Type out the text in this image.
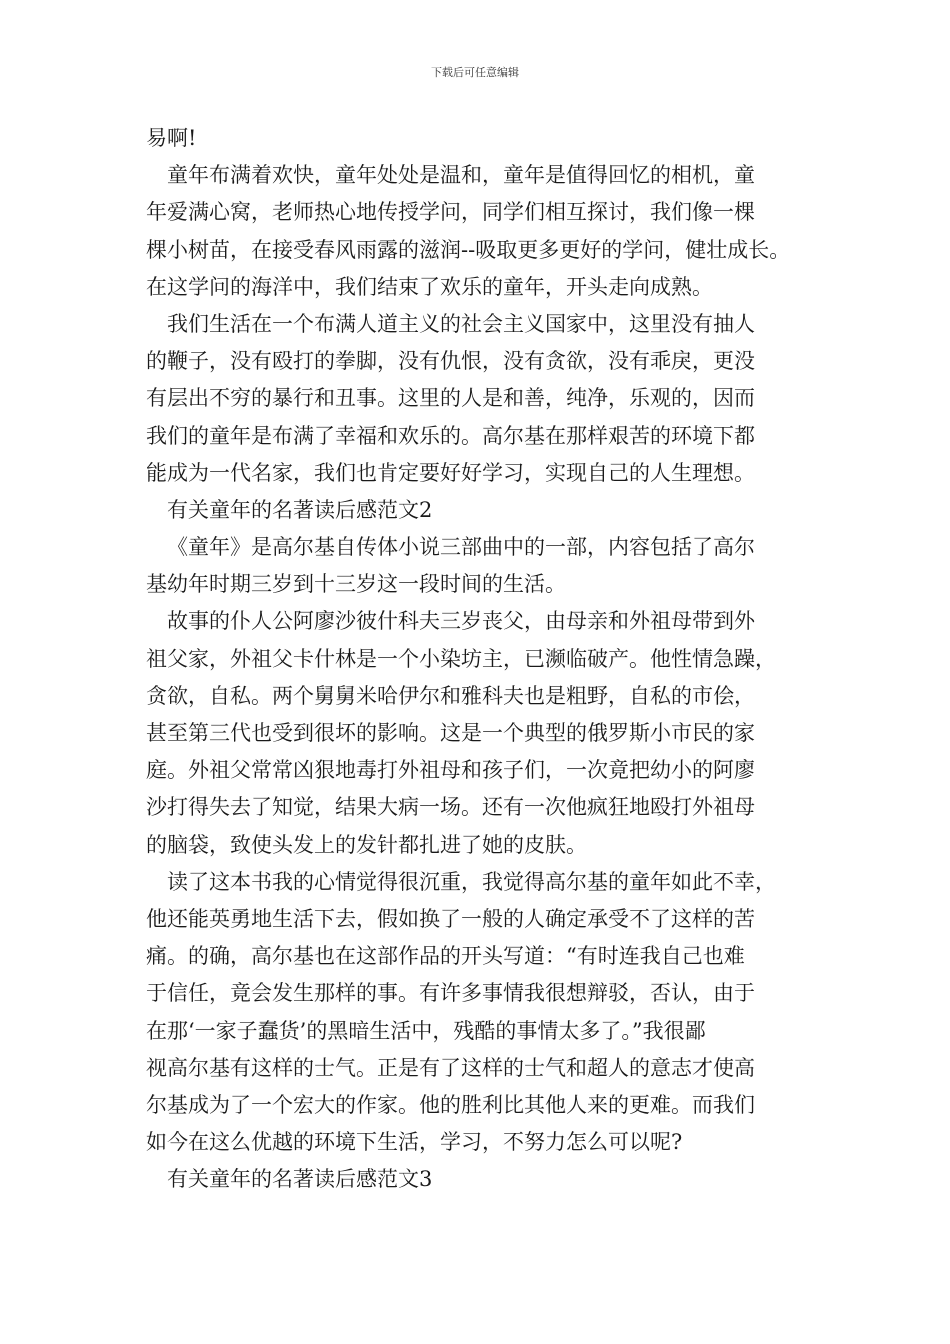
下载后可任意编辑
易啊!
童年布满着欢快，童年处处是温和，童年是值得回忆的相机，童
年爱满心窝，老师热心地传授学问，同学们相互探讨，我们像一棵
棵小树苗，在接受春风雨露的滋润--吸取更多更好的学问，健壮成长。
在这学问的海洋中，我们结束了欢乐的童年，开头走向成熟。
我们生活在一个布满人道主义的社会主义国家中，这里没有抽人
的鞭子，没有殴打的拳脚，没有仇恨，没有贪欲，没有乖戾，更没
有层出不穷的暴行和丑事。这里的人是和善，纯净，乐观的，因而
我们的童年是布满了幸福和欢乐的。高尔基在那样艰苦的环境下都
能成为一代名家，我们也肯定要好好学习，实现自己的人生理想。
有关童年的名著读后感范文2
《童年》是高尔基自传体小说三部曲中的一部，内容包括了高尔
基幼年时期三岁到十三岁这一段时间的生活。
故事的仆人公阿廖沙彼什科夫三岁丧父，由母亲和外祖母带到外
祖父家，外祖父卡什林是一个小染坊主，已濒临破产。他性情急躁，
贪欲，自私。两个舅舅米哈伊尔和雅科夫也是粗野，自私的市侩，
甚至第三代也受到很坏的影响。这是一个典型的俄罗斯小市民的家
庭。外祖父常常凶狠地毒打外祖母和孩子们，一次竟把幼小的阿廖
沙打得失去了知觉，结果大病一场。还有一次他疯狂地殴打外祖母
的脑袋，致使头发上的发针都扎进了她的皮肤。
读了这本书我的心情觉得很沉重，我觉得高尔基的童年如此不幸，
他还能英勇地生活下去，假如换了一般的人确定承受不了这样的苦
痛。的确，高尔基也在这部作品的开头写道：“有时连我自己也难
于信任，竟会发生那样的事。有许多事情我很想辩驳，否认，由于
在那‘一家子蠢货’的黑暗生活中，残酷的事情太多了。”我很鄙
视高尔基有这样的士气。正是有了这样的士气和超人的意志才使高
尔基成为了一个宏大的作家。他的胜利比其他人来的更难。而我们
如今在这么优越的环境下生活，学习，不努力怎么可以呢?
有关童年的名著读后感范文3
